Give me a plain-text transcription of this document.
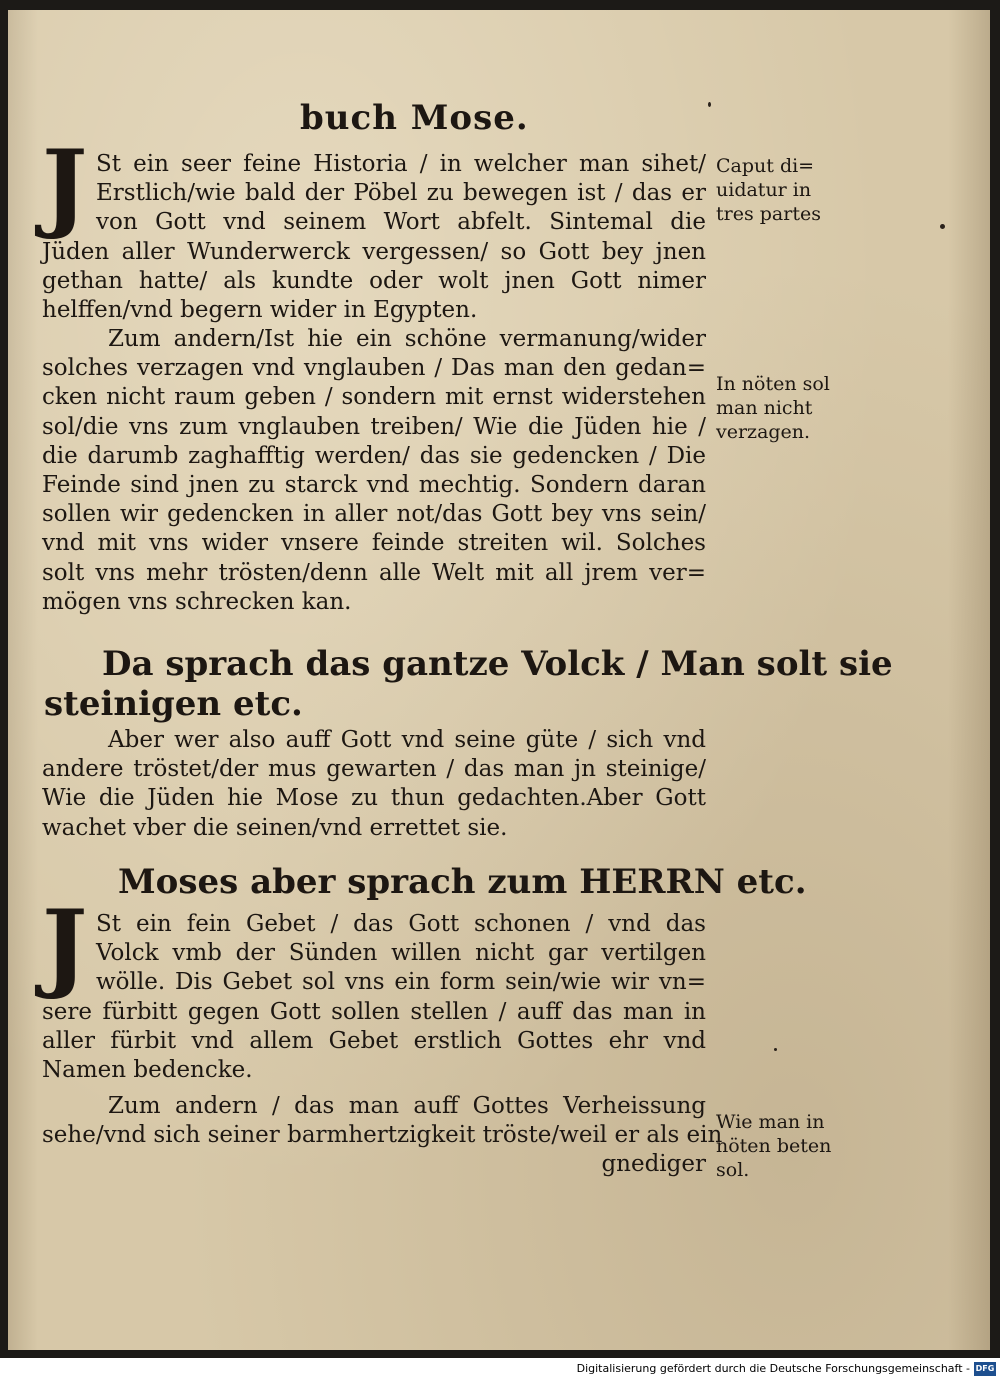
buch Mose.
J St ein seer feine Historia / in welcher man sihet/
Erstlich/wie bald der Pöbel zu bewegen ist / das er
von Gott vnd seinem Wort abfelt. Sintemal die
Jüden aller Wunderwerck vergessen/ so Gott bey jnen
gethan hatte/ als kundte oder wolt jnen Gott nimer
helffen/vnd begern wider in Egypten.
Zum andern/Ist hie ein schöne vermanung/wider
solches verzagen vnd vnglauben / Das man den gedan=
cken nicht raum geben / sondern mit ernst widerstehen
sol/die vns zum vnglauben treiben/ Wie die Jüden hie /
die darumb zaghafftig werden/ das sie gedencken / Die
Feinde sind jnen zu starck vnd mechtig. Sondern daran
sollen wir gedencken in aller not/das Gott bey vns sein/
vnd mit vns wider vnsere feinde streiten wil. Solches
solt vns mehr trösten/denn alle Welt mit all jrem ver=
mögen vns schrecken kan.
Da sprach das gantze Volck / Man solt sie
steinigen etc.
Aber wer also auff Gott vnd seine güte / sich vnd
andere tröstet/der mus gewarten / das man jn steinige/
Wie die Jüden hie Mose zu thun gedachten.Aber Gott
wachet vber die seinen/vnd errettet sie.
Moses aber sprach zum HERRN etc.
J St ein fein Gebet / das Gott schonen / vnd das
Volck vmb der Sünden willen nicht gar vertilgen
wölle. Dis Gebet sol vns ein form sein/wie wir vn=
sere fürbitt gegen Gott sollen stellen / auff das man in
aller fürbit vnd allem Gebet erstlich Gottes ehr vnd
Namen bedencke.
Zum andern / das man auff Gottes Verheissung
sehe/vnd sich seiner barmhertzigkeit tröste/weil er als ein
gnediger
Caput di=
uidatur in
tres partes
In nöten sol
man nicht
verzagen.
Wie man in
nöten beten
sol.
Digitalisierung gefördert durch die Deutsche Forschungsgemeinschaft - DFG
